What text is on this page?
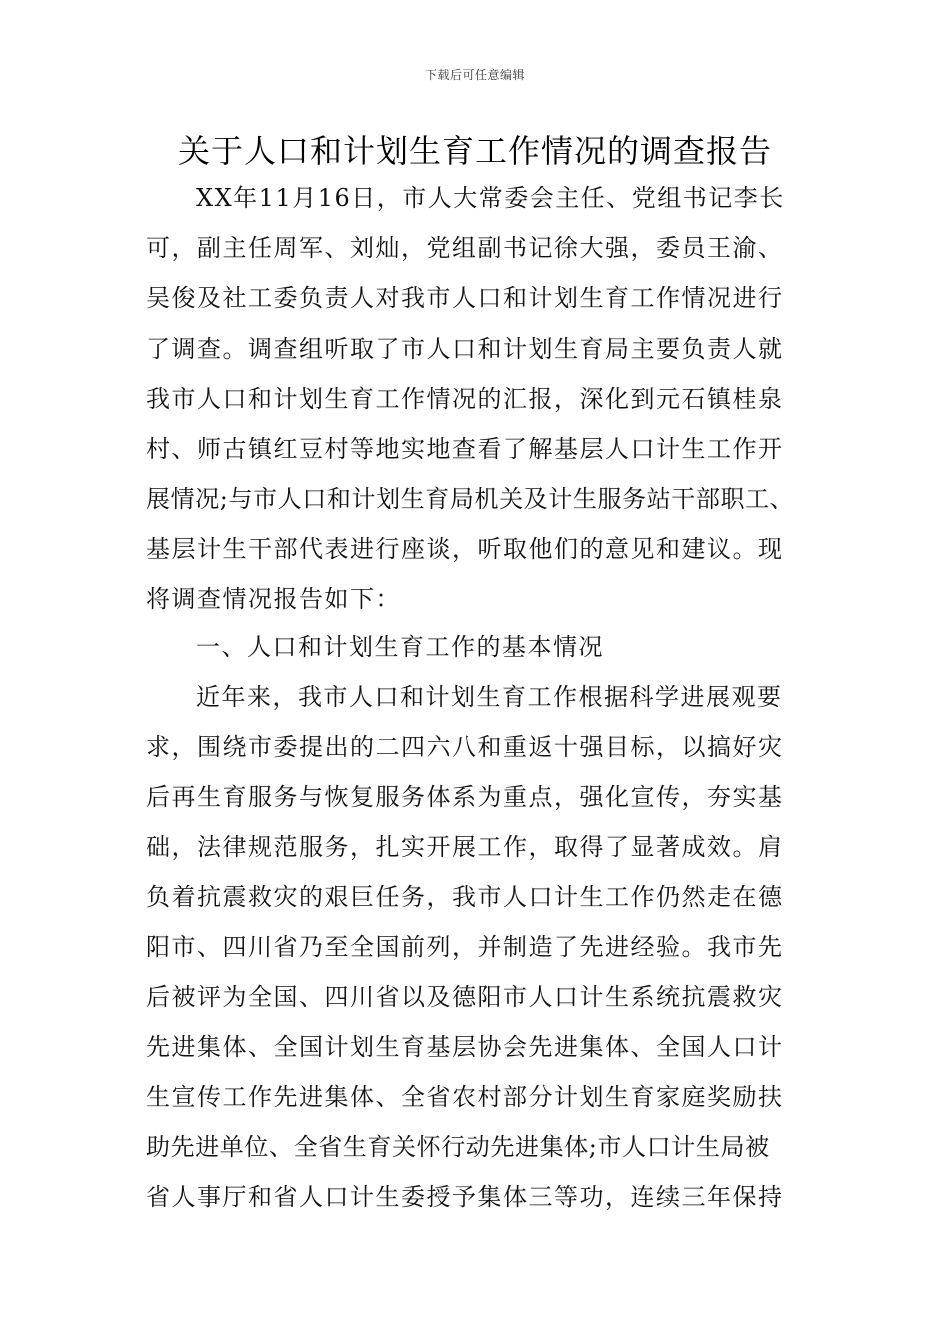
下载后可任意编辑
关于人口和计划生育工作情况的调查报告
XX年11月16日，市人大常委会主任、党组书记李长
可，副主任周军、刘灿，党组副书记徐大强，委员王渝、
吴俊及社工委负责人对我市人口和计划生育工作情况进行
了调查。调查组听取了市人口和计划生育局主要负责人就
我市人口和计划生育工作情况的汇报，深化到元石镇桂泉
村、师古镇红豆村等地实地查看了解基层人口计生工作开
展情况;与市人口和计划生育局机关及计生服务站干部职工、
基层计生干部代表进行座谈，听取他们的意见和建议。现
将调查情况报告如下：
一、人口和计划生育工作的基本情况
近年来，我市人口和计划生育工作根据科学进展观要
求，围绕市委提出的二四六八和重返十强目标，以搞好灾
后再生育服务与恢复服务体系为重点，强化宣传，夯实基
础，法律规范服务，扎实开展工作，取得了显著成效。肩
负着抗震救灾的艰巨任务，我市人口计生工作仍然走在德
阳市、四川省乃至全国前列，并制造了先进经验。我市先
后被评为全国、四川省以及德阳市人口计生系统抗震救灾
先进集体、全国计划生育基层协会先进集体、全国人口计
生宣传工作先进集体、全省农村部分计划生育家庭奖励扶
助先进单位、全省生育关怀行动先进集体;市人口计生局被
省人事厅和省人口计生委授予集体三等功，连续三年保持
